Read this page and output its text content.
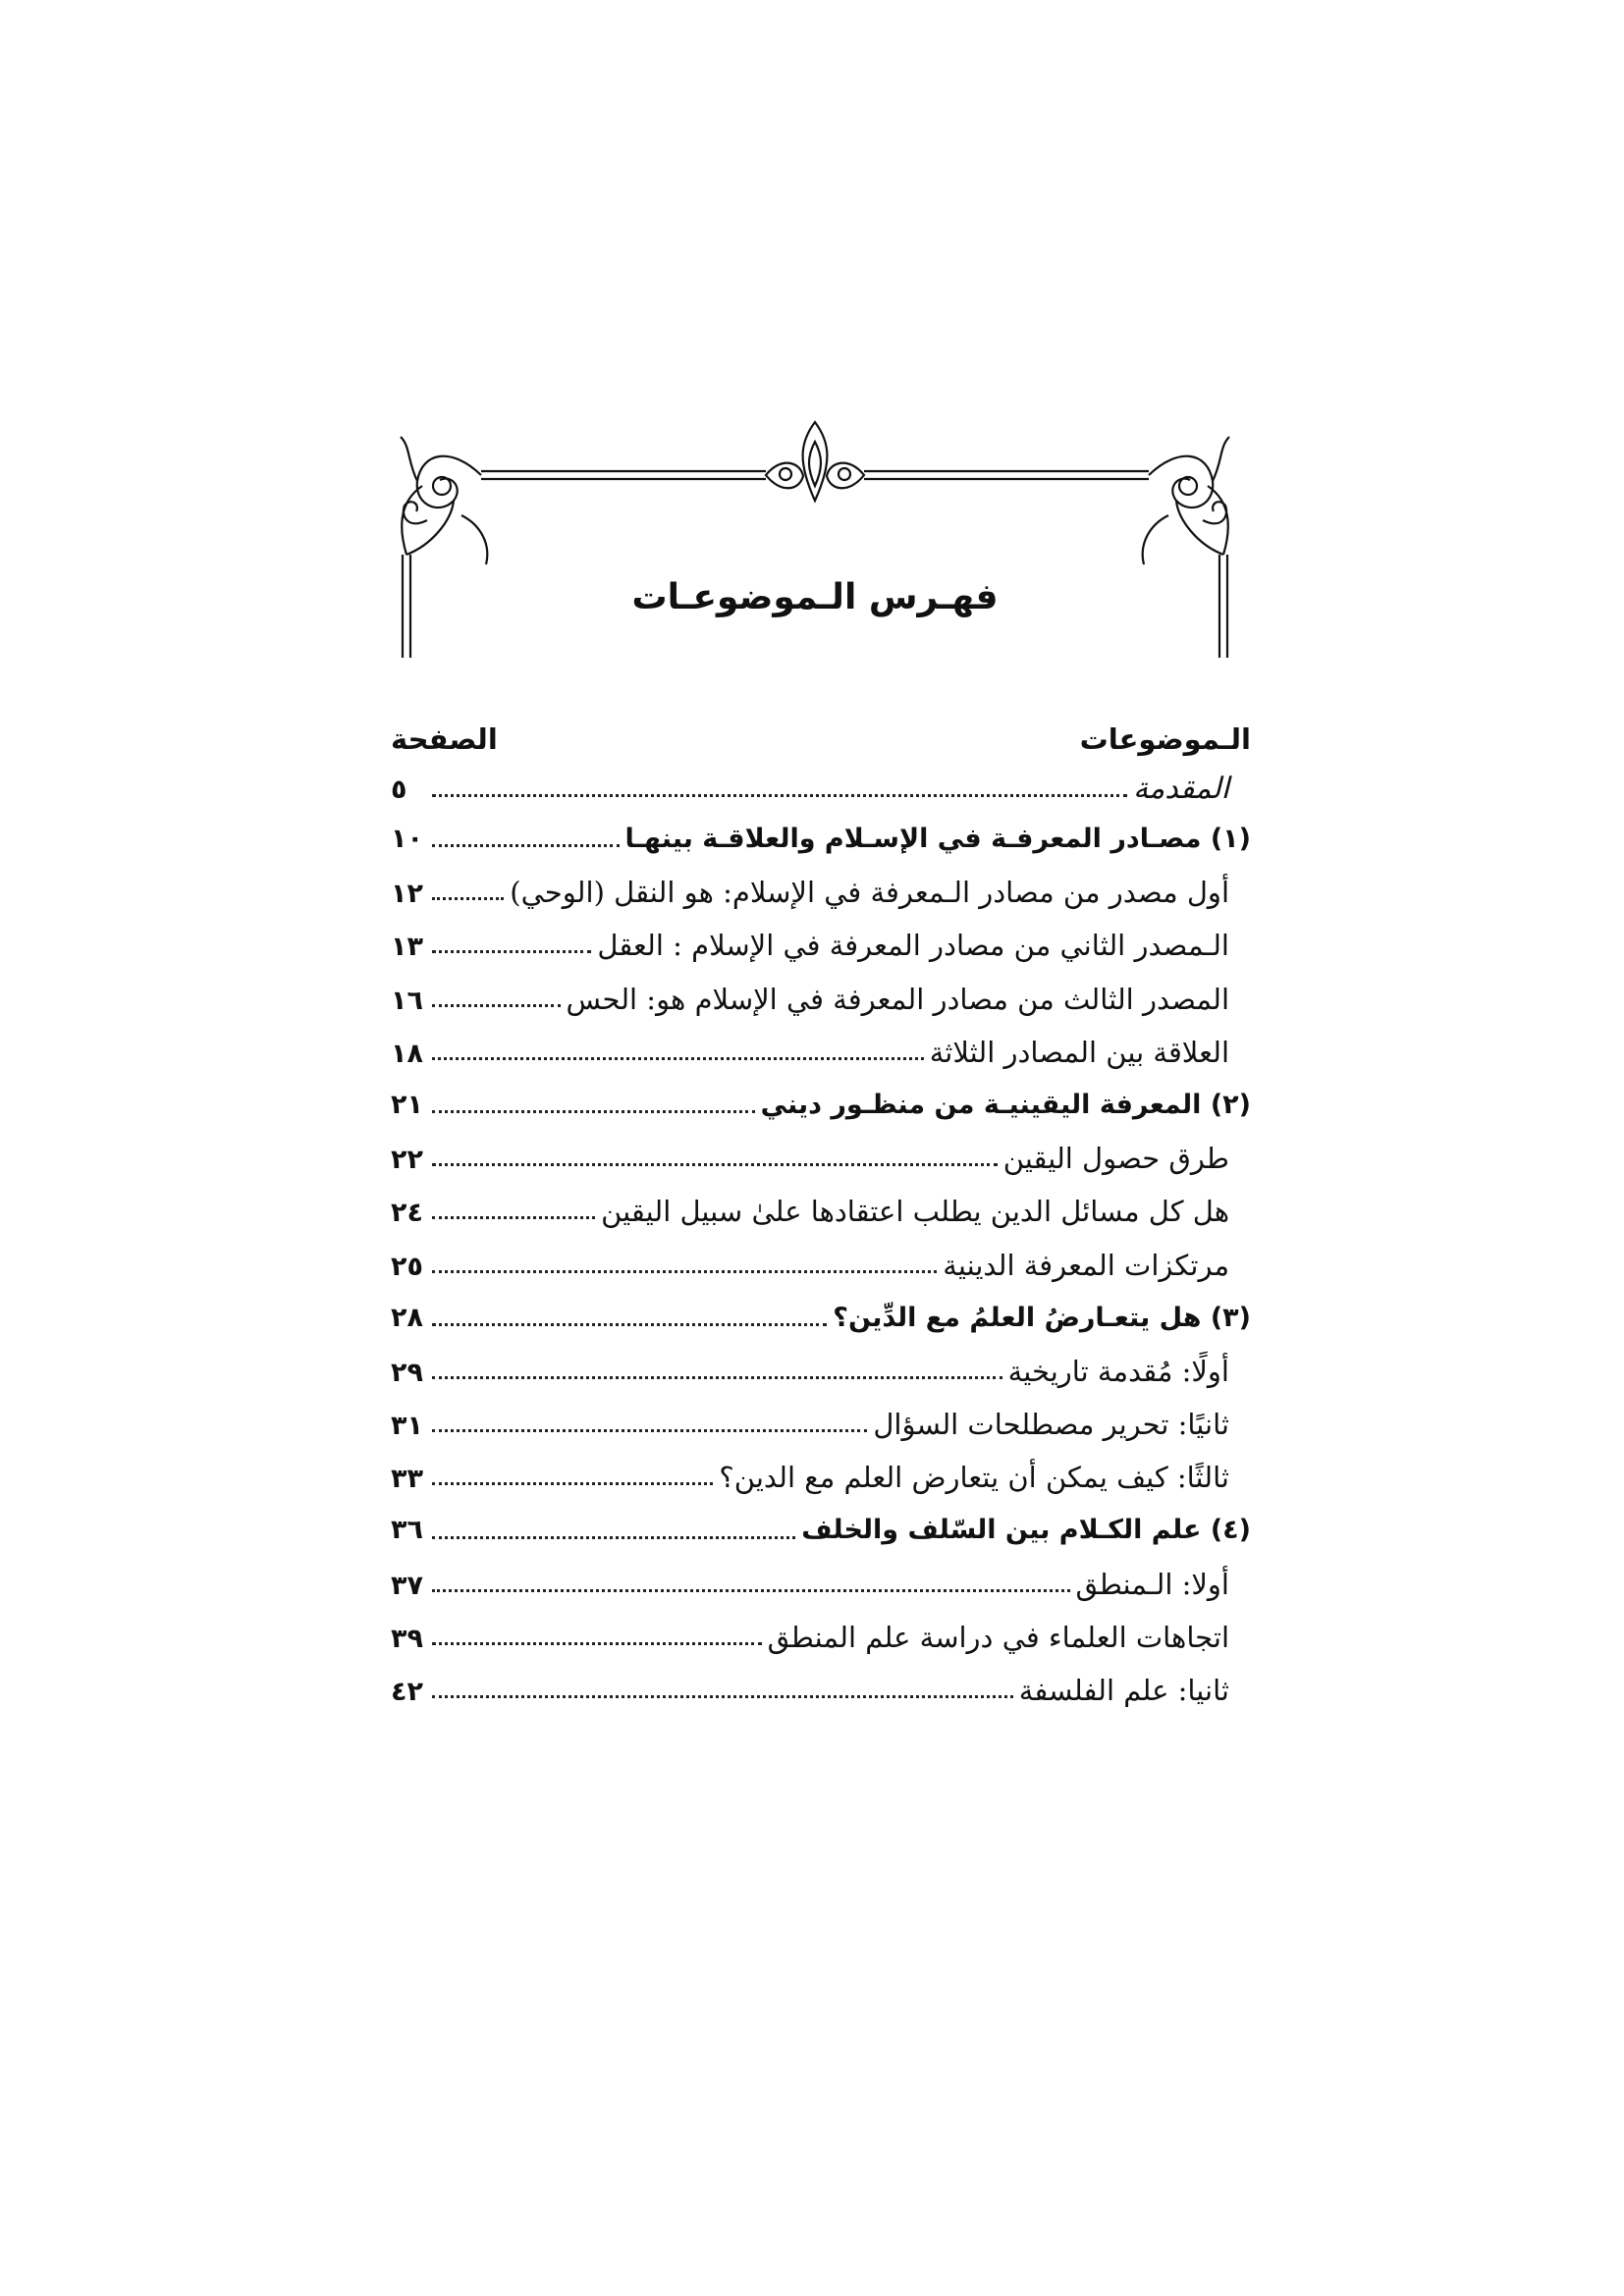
فهـرس الـموضوعـات
الـموضوعات
الصفحة
المقدمة
٥
(١) مصـادر المعرفـة في الإسـلام والعلاقـة بينهـا
١٠
أول مصدر من مصادر الـمعرفة في الإسلام: هو النقل (الوحي)
١٢
الـمصدر الثاني من مصادر المعرفة في الإسلام : العقل
١٣
المصدر الثالث من مصادر المعرفة في الإسلام هو: الحس
١٦
العلاقة بين المصادر الثلاثة
١٨
(٢) المعرفة اليقينيـة من منظـور ديني
٢١
طرق حصول اليقين
٢٢
هل كل مسائل الدين يطلب اعتقادها علىٰ سبيل اليقين
٢٤
مرتكزات المعرفة الدينية
٢٥
(٣) هل يتعـارضُ العلمُ مع الدِّين؟
٢٨
أولًا: مُقدمة تاريخية
٢٩
ثانيًا: تحرير مصطلحات السؤال
٣١
ثالثًا: كيف يمكن أن يتعارض العلم مع الدين؟
٣٣
(٤) علم الكـلام بين السّلف والخلف
٣٦
أولا: الـمنطق
٣٧
اتجاهات العلماء في دراسة علم المنطق
٣٩
ثانيا: علم الفلسفة
٤٢
